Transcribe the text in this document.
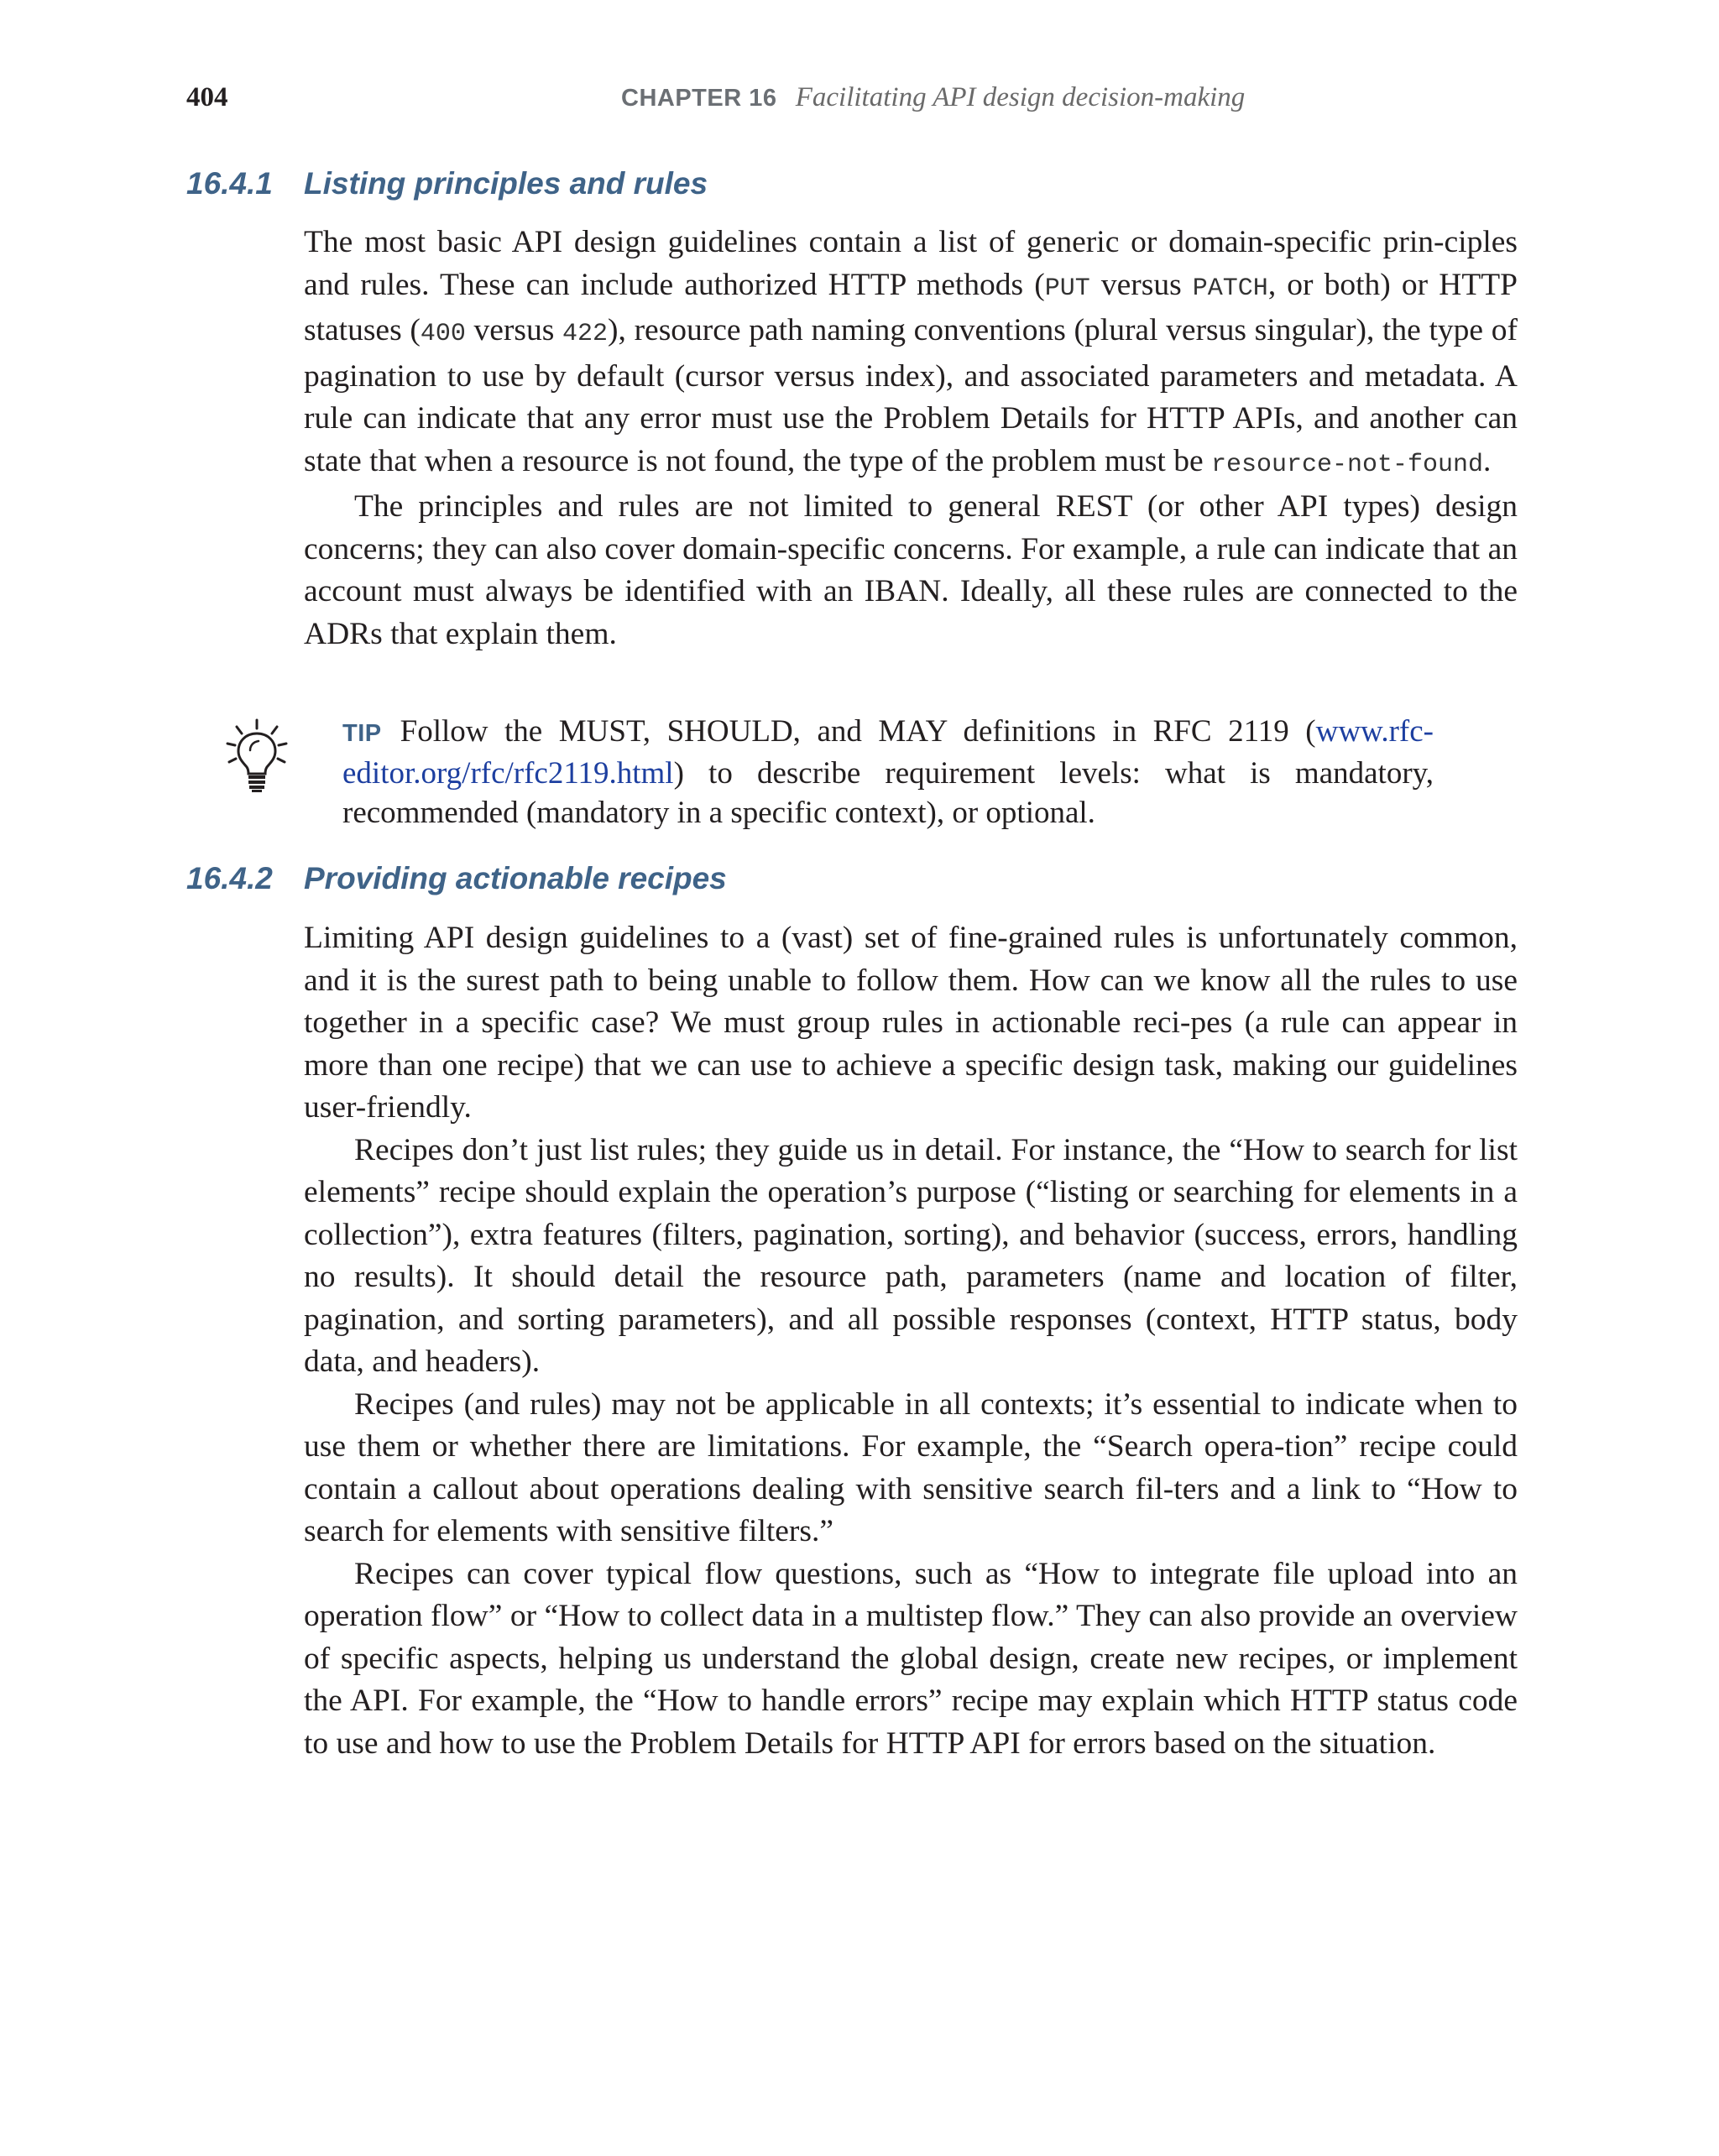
404	CHAPTER 16 Facilitating API design decision-making
16.4.1 Listing principles and rules

The most basic API design guidelines contain a list of generic or domain-specific prin-ciples and rules. These can include authorized HTTP methods (PUT versus PATCH, or both) or HTTP statuses (400 versus 422), resource path naming conventions (plural versus singular), the type of pagination to use by default (cursor versus index), and associated parameters and metadata. A rule can indicate that any error must use the Problem Details for HTTP APIs, and another can state that when a resource is not found, the type of the problem must be resource-not-found.

The principles and rules are not limited to general REST (or other API types) design concerns; they can also cover domain-specific concerns. For example, a rule can indicate that an account must always be identified with an IBAN. Ideally, all these rules are connected to the ADRs that explain them.

TIP Follow the MUST, SHOULD, and MAY definitions in RFC 2119 (www.rfc-editor.org/rfc/rfc2119.html) to describe requirement levels: what is mandatory, recommended (mandatory in a specific context), or optional.
16.4.2 Providing actionable recipes

Limiting API design guidelines to a (vast) set of fine-grained rules is unfortunately common, and it is the surest path to being unable to follow them. How can we know all the rules to use together in a specific case? We must group rules in actionable reci-pes (a rule can appear in more than one recipe) that we can use to achieve a specific design task, making our guidelines user-friendly.

Recipes don’t just list rules; they guide us in detail. For instance, the “How to search for list elements” recipe should explain the operation’s purpose (“listing or searching for elements in a collection”), extra features (filters, pagination, sorting), and behavior (success, errors, handling no results). It should detail the resource path, parameters (name and location of filter, pagination, and sorting parameters), and all possible responses (context, HTTP status, body data, and headers).

Recipes (and rules) may not be applicable in all contexts; it’s essential to indicate when to use them or whether there are limitations. For example, the “Search opera-tion” recipe could contain a callout about operations dealing with sensitive search fil-ters and a link to “How to search for elements with sensitive filters.”

Recipes can cover typical flow questions, such as “How to integrate file upload into an operation flow” or “How to collect data in a multistep flow.” They can also provide an overview of specific aspects, helping us understand the global design, create new recipes, or implement the API. For example, the “How to handle errors” recipe may explain which HTTP status code to use and how to use the Problem Details for HTTP API for errors based on the situation.
